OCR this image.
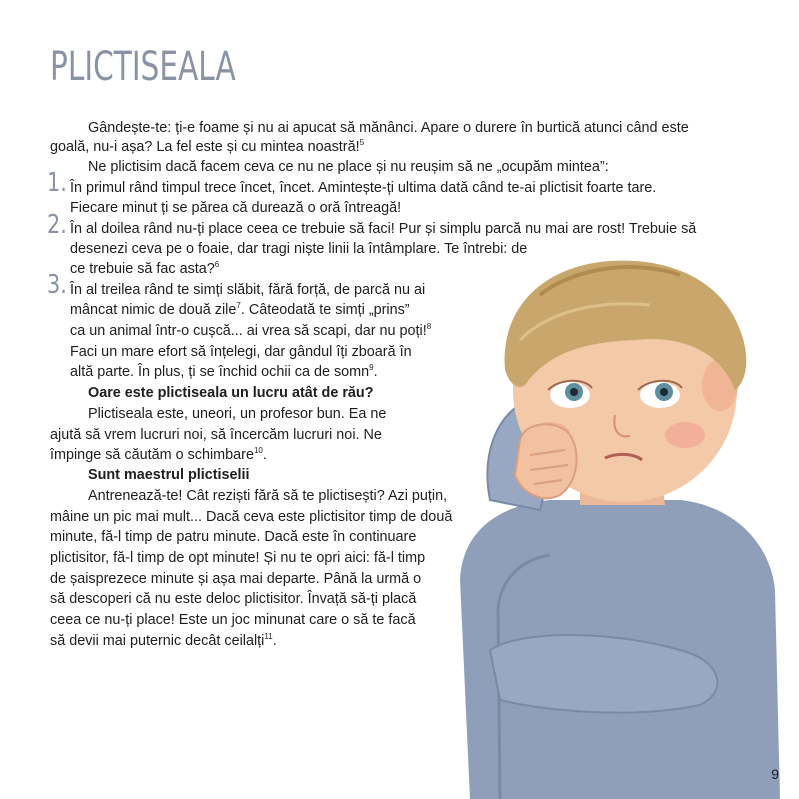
PLICTISEALA
Gândește-te: ți-e foame și nu ai apucat să mănânci. Apare o durere în burtică atunci când este
goală, nu-i așa? La fel este și cu mintea noastră!$^5$
Ne plictisim dacă facem ceva ce nu ne place și nu reușim să ne „ocupăm mintea”:
1. În primul rând timpul trece încet, încet. Amintește-ți ultima dată când te-ai plictisit foarte tare.
Fiecare minut ți se părea că durează o oră întreagă!
2. În al doilea rând nu-ți place ceea ce trebuie să faci! Pur și simplu parcă nu mai are rost! Trebuie să
desenezi ceva pe o foaie, dar tragi niște linii la întâmplare. Te întrebi: de
ce trebuie să fac asta?$^6$
3. În al treilea rând te simți slăbit, fără forță, de parcă nu ai
mâncat nimic de două zile$^7$. Câteodată te simți „prins”
ca un animal într-o cușcă... ai vrea să scapi, dar nu poți!$^8$
Faci un mare efort să înțelegi, dar gândul îți zboară în
altă parte. În plus, ți se închid ochii ca de somn$^9$.
Oare este plictiseala un lucru atât de rău?
Plictiseala este, uneori, un profesor bun. Ea ne
ajută să vrem lucruri noi, să încercăm lucruri noi. Ne
împinge să căutăm o schimbare$^{10}$.
Sunt maestrul plictiselii
Antrenează-te! Cât reziști fără să te plictisești? Azi puțin,
mâine un pic mai mult... Dacă ceva este plictisitor timp de două
minute, fă-l timp de patru minute. Dacă este în continuare
plictisitor, fă-l timp de opt minute! Și nu te opri aici: fă-l timp
de șaisprezece minute și așa mai departe. Până la urmă o
să descoperi că nu este deloc plictisitor. Învață să-ți placă
ceea ce nu-ți place! Este un joc minunat care o să te facă
să devii mai puternic decât ceilalți$^{11}$.
9
